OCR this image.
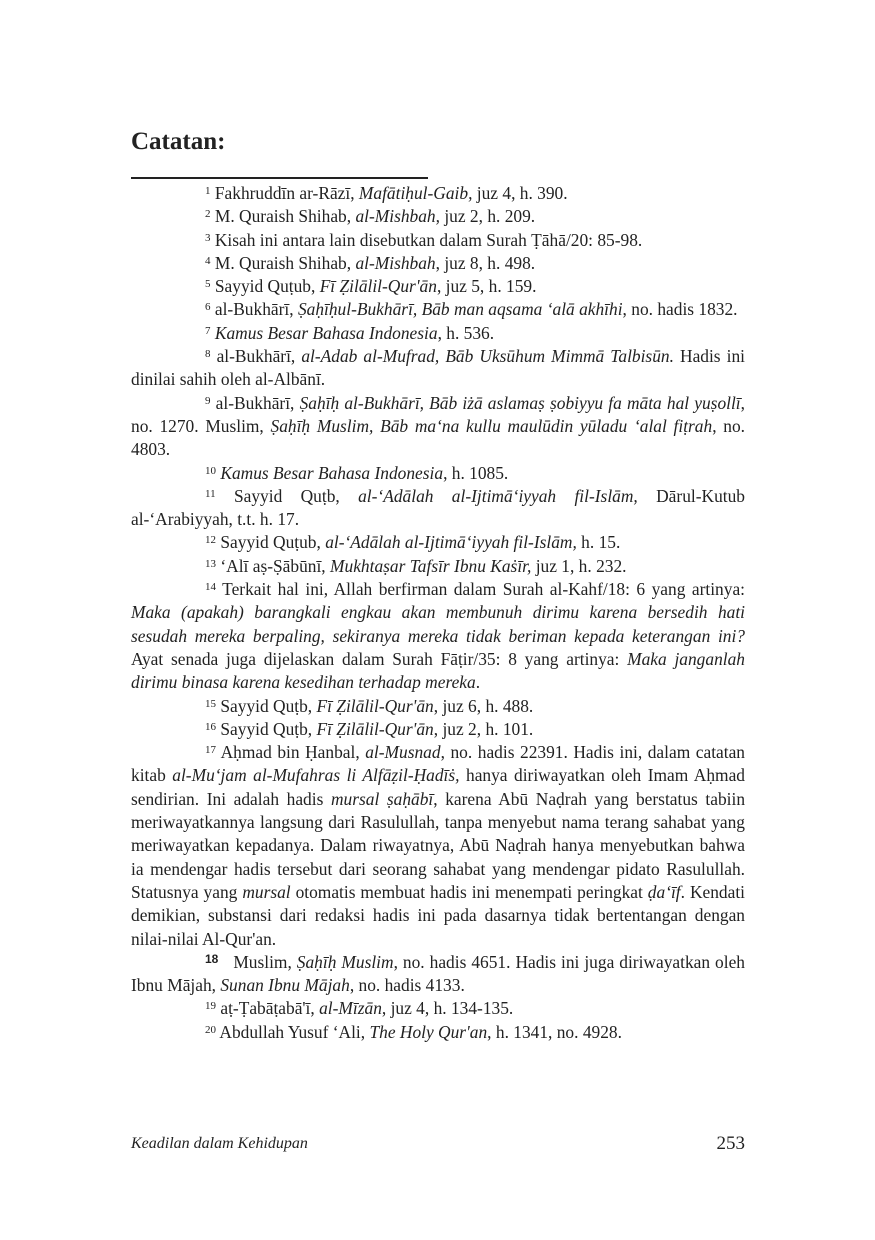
Catatan:

$^1$ Fakhruddīn ar-Rāzī, Mafātiḥul-Gaib, juz 4, h. 390.

$^2$ M. Quraish Shihab, al-Mishbah, juz 2, h. 209.

$^3$ Kisah ini antara lain disebutkan dalam Surah Ṭāhā/20: 85-98.

$^4$ M. Quraish Shihab, al-Mishbah, juz 8, h. 498.

$^5$ Sayyid Quṭub, Fī Ẓilālil-Qur'ān, juz 5, h. 159.

$^6$ al-Bukhārī, Ṣaḥīḥul-Bukhārī, Bāb man aqsama ‘alā akhīhi, no. hadis 1832.

$^7$ Kamus Besar Bahasa Indonesia, h. 536.

$^8$ al-Bukhārī, al-Adab al-Mufrad, Bāb Uksūhum Mimmā Talbisūn. Hadis ini dinilai sahih oleh al-Albānī.

$^9$ al-Bukhārī, Ṣaḥīḥ al-Bukhārī, Bāb iżā aslamaṣ ṣobiyyu fa māta hal yuṣollī, no. 1270. Muslim, Ṣaḥīḥ Muslim, Bāb ma‘na kullu maulūdin yūladu ‘alal fiṭrah, no. 4803.

$^{10}$ Kamus Besar Bahasa Indonesia, h. 1085.

$^{11}$ Sayyid Quṭb, al-‘Adālah al-Ijtimā‘iyyah fil-Islām, Dārul-Kutub al-‘Arabiyyah, t.t. h. 17.

$^{12}$ Sayyid Quṭub, al-‘Adālah al-Ijtimā‘iyyah fil-Islām, h. 15.

$^{13}$ ‘Alī aṣ-Ṣābūnī, Mukhtaṣar Tafsīr Ibnu Kaṡīr, juz 1, h. 232.

$^{14}$ Terkait hal ini, Allah berfirman dalam Surah al-Kahf/18: 6 yang artinya: Maka (apakah) barangkali engkau akan membunuh dirimu karena bersedih hati sesudah mereka berpaling, sekiranya mereka tidak beriman kepada keterangan ini? Ayat senada juga dijelaskan dalam Surah Fāṭir/35: 8 yang artinya: Maka janganlah dirimu binasa karena kesedihan terhadap mereka.

$^{15}$ Sayyid Quṭb, Fī Ẓilālil-Qur'ān, juz 6, h. 488.

$^{16}$ Sayyid Quṭb, Fī Ẓilālil-Qur'ān, juz 2, h. 101.

$^{17}$ Aḥmad bin Ḥanbal, al-Musnad, no. hadis 22391. Hadis ini, dalam catatan kitab al-Mu‘jam al-Mufahras li Alfāẓil-Ḥadīṡ, hanya diriwayatkan oleh Imam Aḥmad sendirian. Ini adalah hadis mursal ṣaḥābī, karena Abū Naḍrah yang berstatus tabiin meriwayatkannya langsung dari Rasulullah, tanpa menyebut nama terang sahabat yang meriwayatkan kepadanya. Dalam riwayatnya, Abū Naḍrah hanya menyebutkan bahwa ia mendengar hadis tersebut dari seorang sahabat yang mendengar pidato Rasulullah. Statusnya yang mursal otomatis membuat hadis ini menempati peringkat ḍa‘īf. Kendati demikian, substansi dari redaksi hadis ini pada dasarnya tidak bertentangan dengan nilai-nilai Al-Qur'an.

$^{18}$ Muslim, Ṣaḥīḥ Muslim, no. hadis 4651. Hadis ini juga diriwayatkan oleh Ibnu Mājah, Sunan Ibnu Mājah, no. hadis 4133.

$^{19}$ aṭ-Ṭabāṭabā'ī, al-Mīzān, juz 4, h. 134-135.

$^{20}$ Abdullah Yusuf ‘Ali, The Holy Qur'an, h. 1341, no. 4928.

Keadilan dalam Kehidupan	253
